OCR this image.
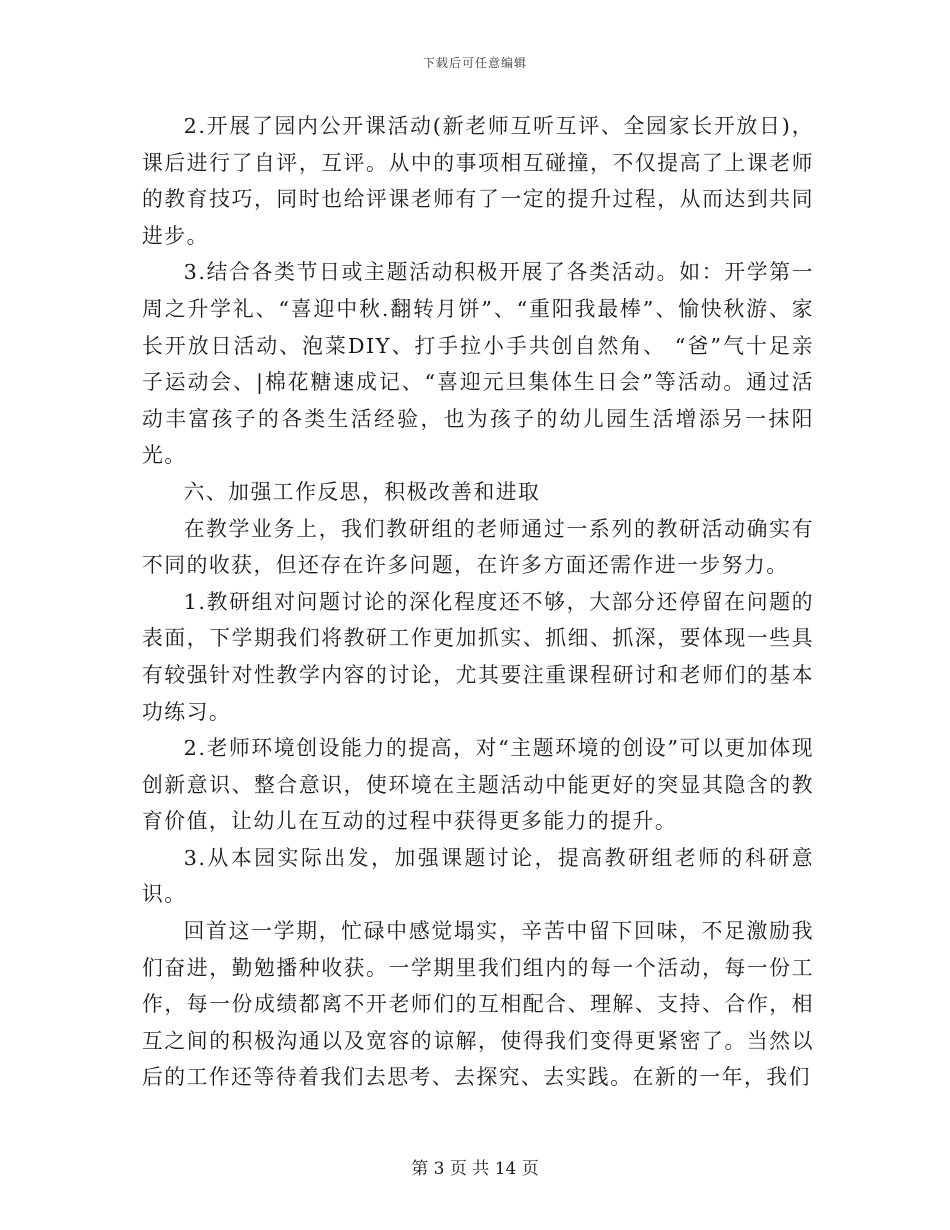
下载后可任意编辑

2.开展了园内公开课活动(新老师互听互评、全园家长开放日)，课后进行了自评，互评。从中的事项相互碰撞，不仅提高了上课老师的教育技巧，同时也给评课老师有了一定的提升过程，从而达到共同进步。

3.结合各类节日或主题活动积极开展了各类活动。如：开学第一周之升学礼、“喜迎中秋.翻转月饼”、“重阳我最棒”、愉快秋游、家长开放日活动、泡菜DIY、打手拉小手共创自然角、 “爸”气十足亲子运动会、|棉花糖速成记、“喜迎元旦集体生日会”等活动。通过活动丰富孩子的各类生活经验，也为孩子的幼儿园生活增添另一抹阳光。

六、加强工作反思，积极改善和进取

在教学业务上，我们教研组的老师通过一系列的教研活动确实有不同的收获，但还存在许多问题，在许多方面还需作进一步努力。

1.教研组对问题讨论的深化程度还不够，大部分还停留在问题的表面，下学期我们将教研工作更加抓实、抓细、抓深，要体现一些具有较强针对性教学内容的讨论，尤其要注重课程研讨和老师们的基本功练习。

2.老师环境创设能力的提高，对“主题环境的创设”可以更加体现创新意识、整合意识，使环境在主题活动中能更好的突显其隐含的教育价值，让幼儿在互动的过程中获得更多能力的提升。

3.从本园实际出发，加强课题讨论，提高教研组老师的科研意识。

回首这一学期，忙碌中感觉塌实，辛苦中留下回味，不足激励我们奋进，勤勉播种收获。一学期里我们组内的每一个活动，每一份工作，每一份成绩都离不开老师们的互相配合、理解、支持、合作，相互之间的积极沟通以及宽容的谅解，使得我们变得更紧密了。当然以后的工作还等待着我们去思考、去探究、去实践。在新的一年，我们

第 3 页 共 14 页
